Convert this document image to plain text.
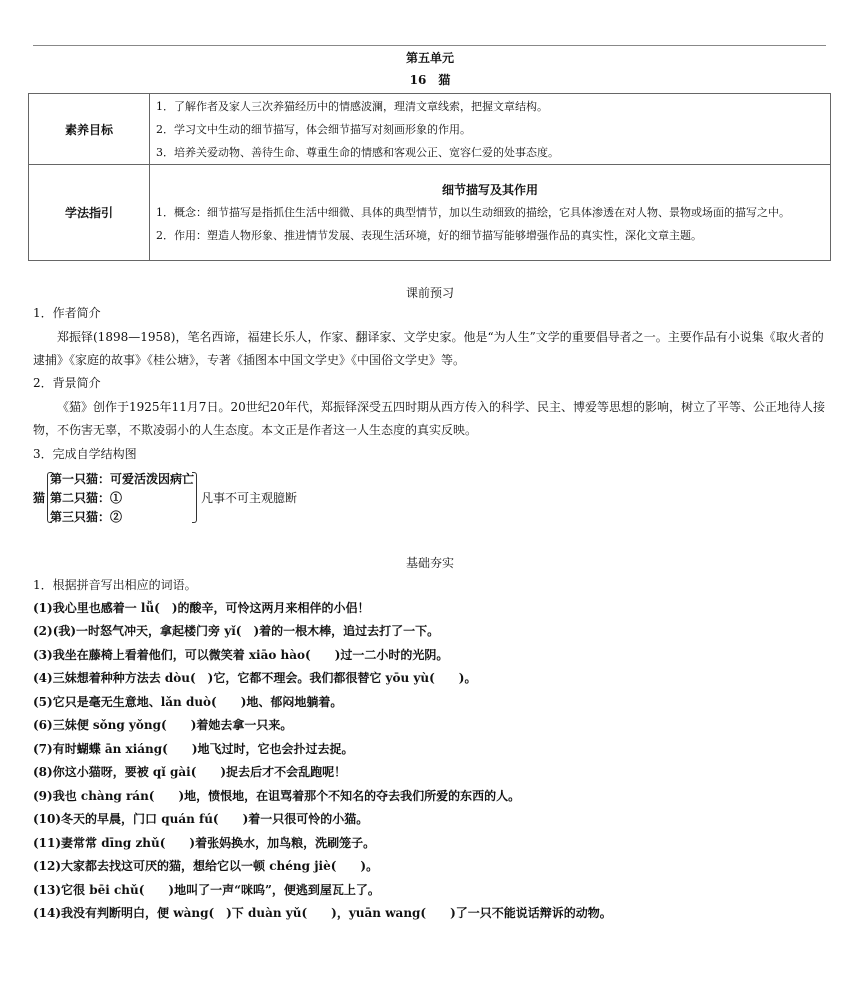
第五单元
16　猫
素养目标	1．了解作者及家人三次养猫经历中的情感波澜，理清文章线索，把握文章结构。
2．学习文中生动的细节描写，体会细节描写对刻画形象的作用。
3．培养关爱动物、善待生命、尊重生命的情感和客观公正、宽容仁爱的处事态度。

学法指引	细节描写及其作用
1．概念：细节描写是指抓住生活中细微、具体的典型情节，加以生动细致的描绘，它具体渗透在对人物、景物或场面的描写之中。
2．作用：塑造人物形象、推进情节发展、表现生活环境，好的细节描写能够增强作品的真实性，深化文章主题。
课前预习
1．作者简介
郑振铎(1898—1958)，笔名西谛，福建长乐人，作家、翻译家、文学史家。他是“为人生”文学的重要倡导者之一。主要作品有小说集《取火者的逮捕》《家庭的故事》《桂公塘》，专著《插图本中国文学史》《中国俗文学史》等。
2．背景简介
《猫》创作于1925年11月7日。20世纪20年代，郑振铎深受五四时期从西方传入的科学、民主、博爱等思想的影响，树立了平等、公正地待人接物，不伤害无辜，不欺凌弱小的人生态度。本文正是作者这一人生态度的真实反映。
3．完成自学结构图
猫
第一只猫：可爱活泼因病亡
第二只猫：①
第三只猫：②
凡事不可主观臆断
基础夯实
1．根据拼音写出相应的词语。
(1)我心里也感着一 lǚ(　)的酸辛，可怜这两月来相伴的小侣！
(2)(我)一时怒气冲天，拿起楼门旁 yǐ(　)着的一根木棒，追过去打了一下。
(3)我坐在藤椅上看着他们，可以微笑着 xiāo hào(　　)过一二小时的光阴。
(4)三妹想着种种方法去 dòu(　)它，它都不理会。我们都很替它 yōu yù(　　)。
(5)它只是毫无生意地、lǎn duò(　　)地、郁闷地躺着。
(6)三妹便 sǒng yǒng(　　)着她去拿一只来。
(7)有时蝴蝶 ān xiáng(　　)地飞过时，它也会扑过去捉。
(8)你这小猫呀，要被 qǐ gài(　　)捉去后才不会乱跑呢！
(9)我也 chàng rán(　　)地，愤恨地，在诅骂着那个不知名的夺去我们所爱的东西的人。
(10)冬天的早晨，门口 quán fú(　　)着一只很可怜的小猫。
(11)妻常常 dīng zhǔ(　　)着张妈换水，加鸟粮，洗刷笼子。
(12)大家都去找这可厌的猫，想给它以一顿 chéng jiè(　　)。
(13)它很 bēi chǔ(　　)地叫了一声“咪呜”，便逃到屋瓦上了。
(14)我没有判断明白，便 wàng(　)下 duàn yǔ(　　)，yuān wang(　　)了一只不能说话辩诉的动物。
